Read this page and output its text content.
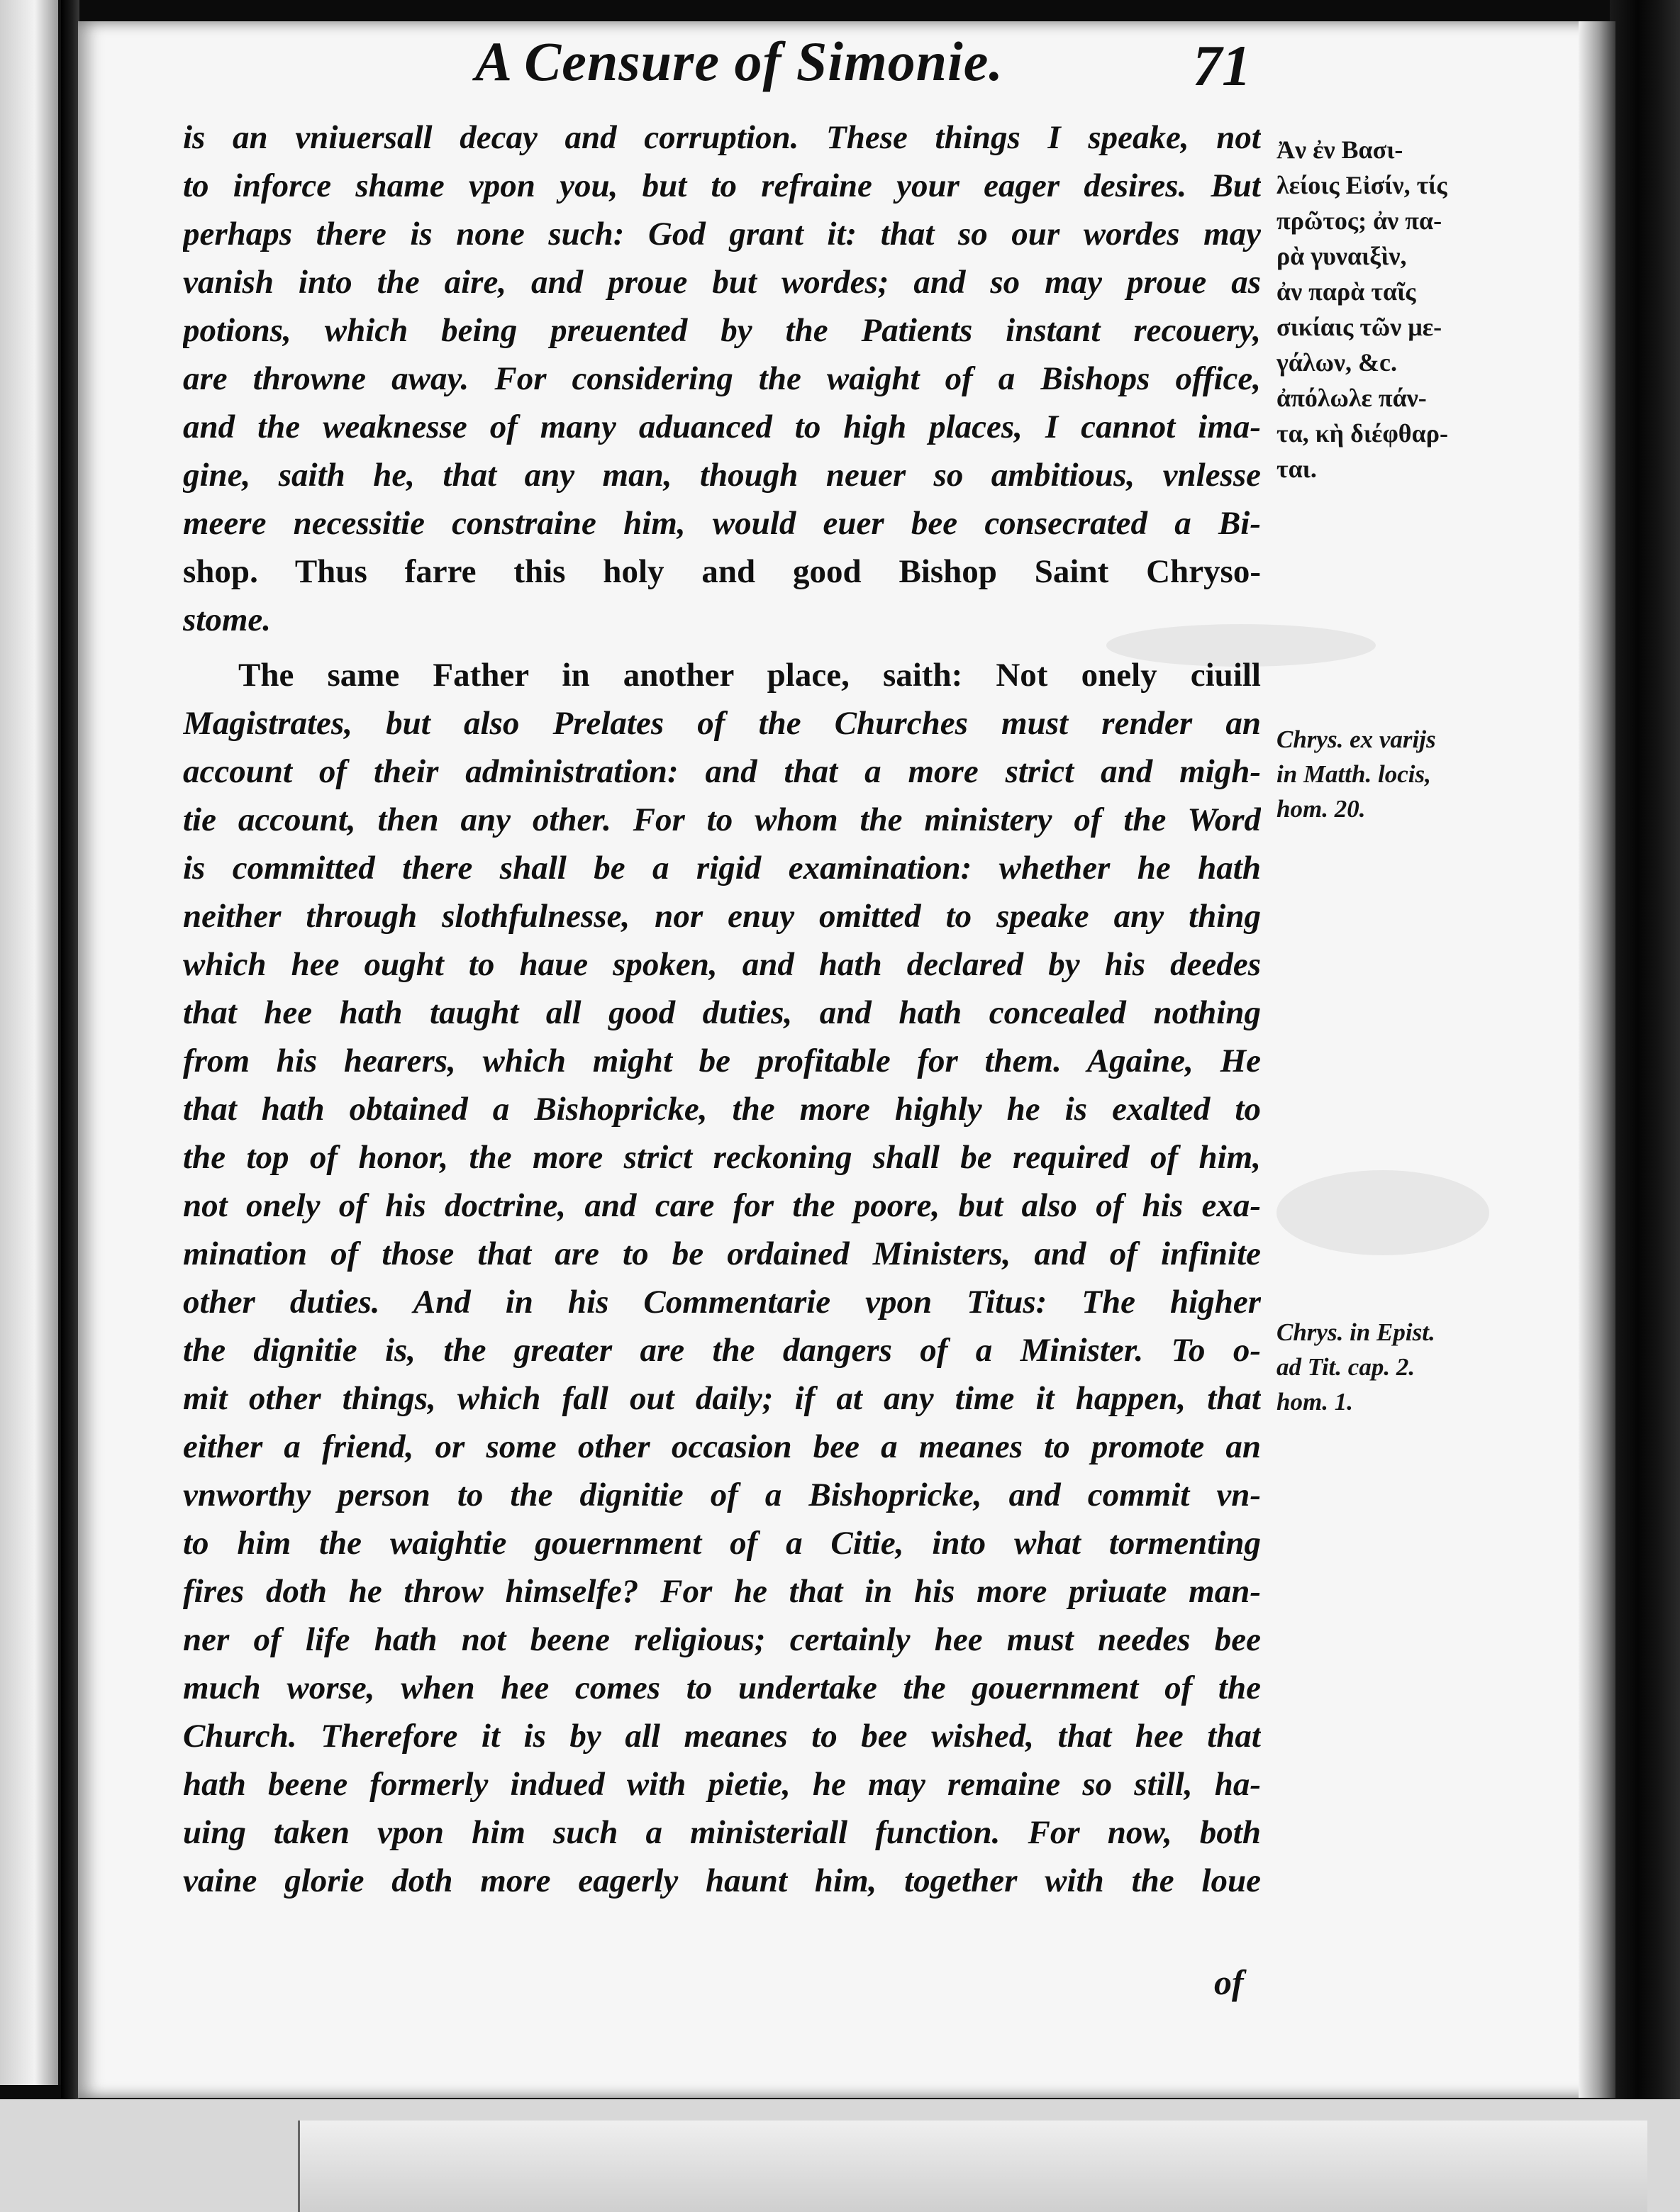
A Censure of Simonie.	71
is an vniuersall decay and corruption. These things I speake, not
to inforce shame vpon you, but to refraine your eager desires. But
perhaps there is none such: God grant it: that so our wordes may
vanish into the aire, and proue but wordes; and so may proue as
potions, which being preuented by the Patients instant recouery,
are throwne away. For considering the waight of a Bishops office,
and the weaknesse of many aduanced to high places, I cannot ima-
gine, saith he, that any man, though neuer so ambitious, vnlesse
meere necessitie constraine him, would euer bee consecrated a Bi-
shop. Thus farre this holy and good Bishop Saint Chryso-
stome.
The same Father in another place, saith: Not onely ciuill
Magistrates, but also Prelates of the Churches must render an
account of their administration: and that a more strict and migh-
tie account, then any other. For to whom the ministery of the Word
is committed there shall be a rigid examination: whether he hath
neither through slothfulnesse, nor enuy omitted to speake any thing
which hee ought to haue spoken, and hath declared by his deedes
that hee hath taught all good duties, and hath concealed nothing
from his hearers, which might be profitable for them. Againe, He
that hath obtained a Bishopricke, the more highly he is exalted to
the top of honor, the more strict reckoning shall be required of him,
not onely of his doctrine, and care for the poore, but also of his exa-
mination of those that are to be ordained Ministers, and of infinite
other duties. And in his Commentarie vpon Titus: The higher
the dignitie is, the greater are the dangers of a Minister. To o-
mit other things, which fall out daily; if at any time it happen, that
either a friend, or some other occasion bee a meanes to promote an
vnworthy person to the dignitie of a Bishopricke, and commit vn-
to him the waightie gouernment of a Citie, into what tormenting
fires doth he throw himselfe? For he that in his more priuate man-
ner of life hath not beene religious; certainly hee must needes bee
much worse, when hee comes to undertake the gouernment of the
Church. Therefore it is by all meanes to bee wished, that hee that
hath beene formerly indued with pietie, he may remaine so still, ha-
uing taken vpon him such a ministeriall function. For now, both
vaine glorie doth more eagerly haunt him, together with the loue
Ἀν ἐν Βασι-
λείοις Εἰσίν, τίς
πρῶτος; ἀν πα-
ρὰ γυναιξὶν,
ἀν παρὰ ταῖς
σικίαις τῶν με-
γάλων, &c.
ἀπόλωλε πάν-
τα, κὴ διέφθαρ-
ται.
Chrys. ex varijs
in Matth. locis,
hom. 20.
Chrys. in Epist.
ad Tit. cap. 2.
hom. 1.
of
